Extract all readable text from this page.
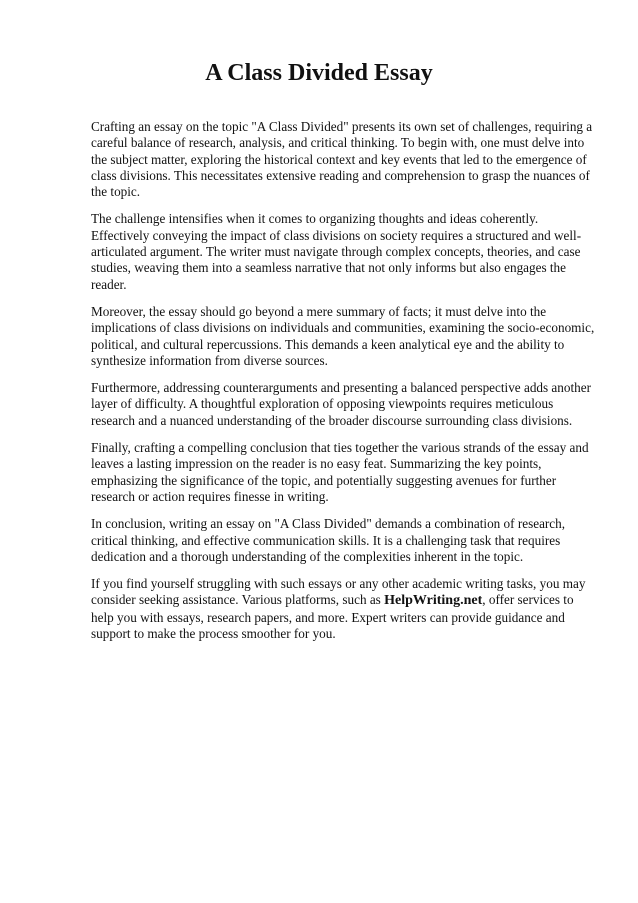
A Class Divided Essay

Crafting an essay on the topic "A Class Divided" presents its own set of challenges, requiring a careful balance of research, analysis, and critical thinking. To begin with, one must delve into the subject matter, exploring the historical context and key events that led to the emergence of class divisions. This necessitates extensive reading and comprehension to grasp the nuances of the topic.

The challenge intensifies when it comes to organizing thoughts and ideas coherently. Effectively conveying the impact of class divisions on society requires a structured and well-articulated argument. The writer must navigate through complex concepts, theories, and case studies, weaving them into a seamless narrative that not only informs but also engages the reader.

Moreover, the essay should go beyond a mere summary of facts; it must delve into the implications of class divisions on individuals and communities, examining the socio-economic, political, and cultural repercussions. This demands a keen analytical eye and the ability to synthesize information from diverse sources.

Furthermore, addressing counterarguments and presenting a balanced perspective adds another layer of difficulty. A thoughtful exploration of opposing viewpoints requires meticulous research and a nuanced understanding of the broader discourse surrounding class divisions.

Finally, crafting a compelling conclusion that ties together the various strands of the essay and leaves a lasting impression on the reader is no easy feat. Summarizing the key points, emphasizing the significance of the topic, and potentially suggesting avenues for further research or action requires finesse in writing.

In conclusion, writing an essay on "A Class Divided" demands a combination of research, critical thinking, and effective communication skills. It is a challenging task that requires dedication and a thorough understanding of the complexities inherent in the topic.

If you find yourself struggling with such essays or any other academic writing tasks, you may consider seeking assistance. Various platforms, such as HelpWriting.net, offer services to help you with essays, research papers, and more. Expert writers can provide guidance and support to make the process smoother for you.
